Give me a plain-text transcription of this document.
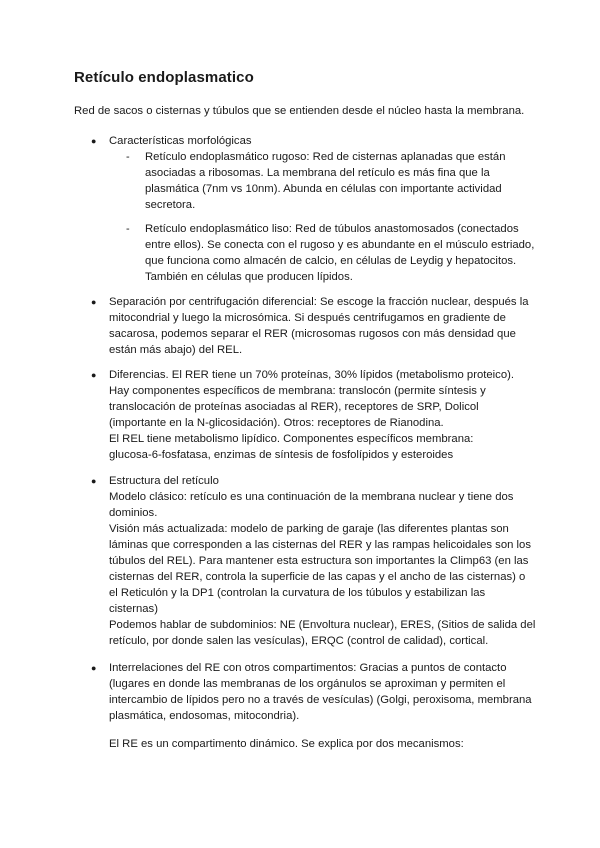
Retículo endoplasmatico
Red de sacos o cisternas y túbulos que se entienden desde el núcleo hasta la membrana.
● Características morfológicas
- Retículo endoplasmático rugoso: Red de cisternas aplanadas que están
asociadas a ribosomas. La membrana del retículo es más fina que la
plasmática (7nm vs 10nm). Abunda en células con importante actividad
secretora.
- Retículo endoplasmático liso: Red de túbulos anastomosados (conectados
entre ellos). Se conecta con el rugoso y es abundante en el músculo estriado,
que funciona como almacén de calcio, en células de Leydig y hepatocitos.
También en células que producen lípidos.
● Separación por centrifugación diferencial: Se escoge la fracción nuclear, después la
mitocondrial y luego la microsómica. Si después centrifugamos en gradiente de
sacarosa, podemos separar el RER (microsomas rugosos con más densidad que
están más abajo) del REL.
● Diferencias. El RER tiene un 70% proteínas, 30% lípidos (metabolismo proteico).
Hay componentes específicos de membrana: translocón (permite síntesis y
translocación de proteínas asociadas al RER), receptores de SRP, Dolicol
(importante en la N-glicosidación). Otros: receptores de Rianodina.
El REL tiene metabolismo lipídico. Componentes específicos membrana:
glucosa-6-fosfatasa, enzimas de síntesis de fosfolípidos y esteroides
● Estructura del retículo
Modelo clásico: retículo es una continuación de la membrana nuclear y tiene dos
dominios.
Visión más actualizada: modelo de parking de garaje (las diferentes plantas son
láminas que corresponden a las cisternas del RER y las rampas helicoidales son los
túbulos del REL). Para mantener esta estructura son importantes la Climp63 (en las
cisternas del RER, controla la superficie de las capas y el ancho de las cisternas) o
el Reticulón y la DP1 (controlan la curvatura de los túbulos y estabilizan las
cisternas)
Podemos hablar de subdominios: NE (Envoltura nuclear), ERES, (Sitios de salida del
retículo, por donde salen las vesículas), ERQC (control de calidad), cortical.
● Interrelaciones del RE con otros compartimentos: Gracias a puntos de contacto
(lugares en donde las membranas de los orgánulos se aproximan y permiten el
intercambio de lípidos pero no a través de vesículas) (Golgi, peroxisoma, membrana
plasmática, endosomas, mitocondria).
El RE es un compartimento dinámico. Se explica por dos mecanismos:
